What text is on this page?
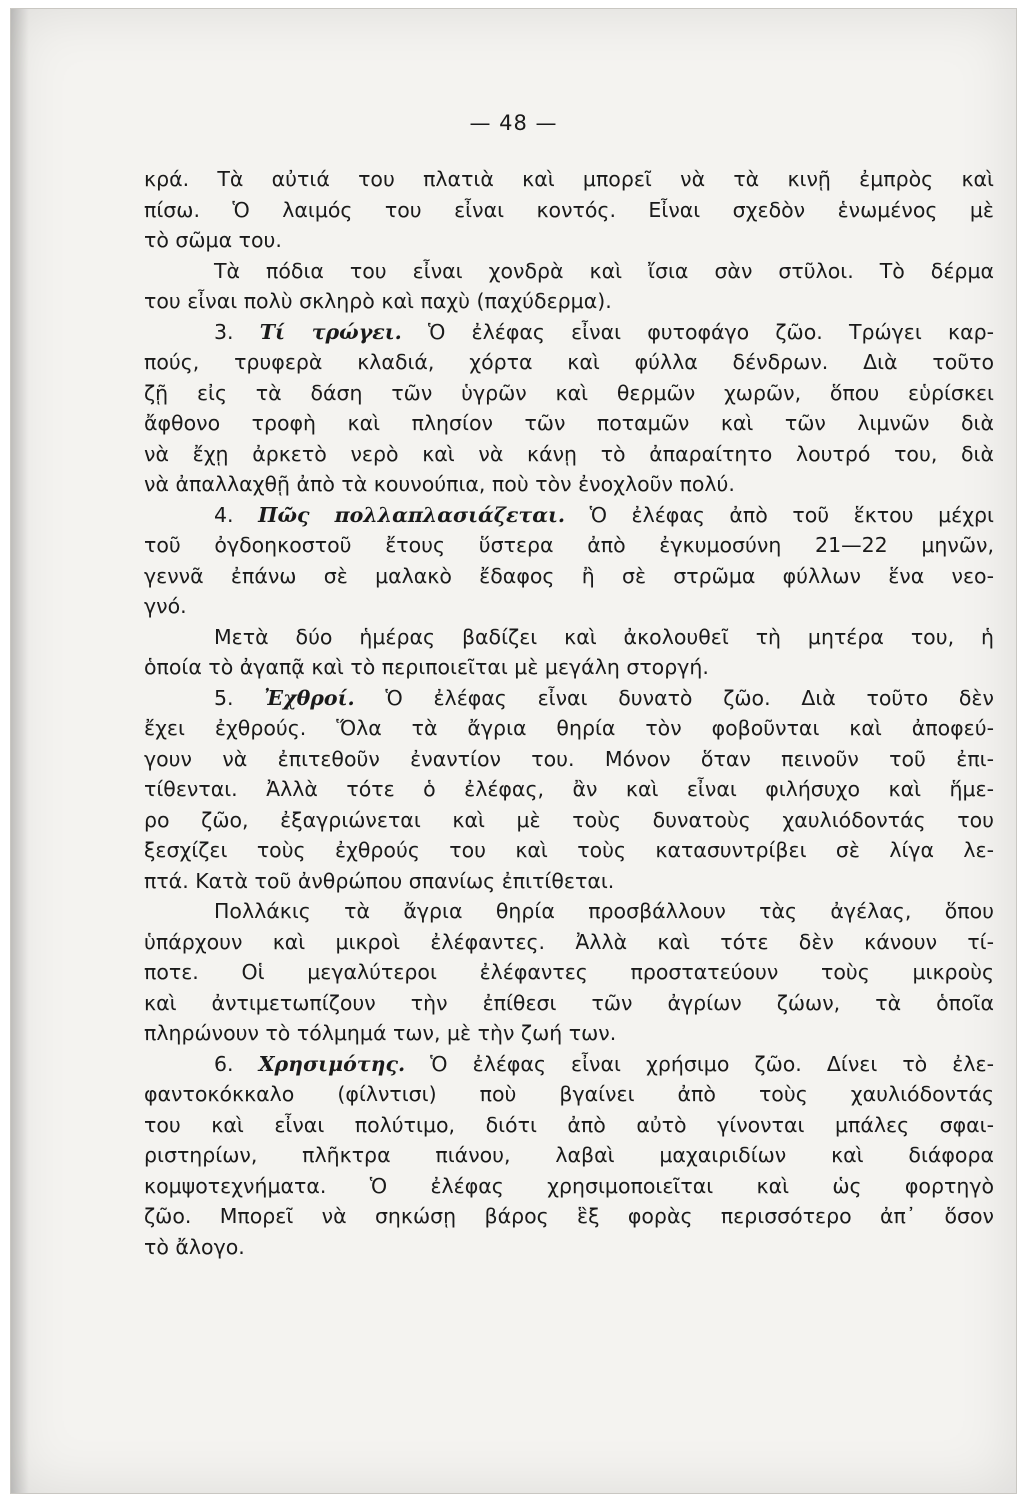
— 48 —
κρά. Τὰ αὐτιά του πλατιὰ καὶ μπορεῖ νὰ τὰ κινῇ ἐμπρὸς καὶ
πίσω. Ὁ λαιμός του εἶναι κοντός. Εἶναι σχεδὸν ἑνωμένος μὲ
τὸ σῶμα του.
Τὰ πόδια του εἶναι χονδρὰ καὶ ἴσια σὰν στῦλοι. Τὸ δέρμα
του εἶναι πολὺ σκληρὸ καὶ παχὺ (παχύδερμα).
3. Τί τρώγει. Ὁ ἐλέφας εἶναι φυτοφάγο ζῶο. Τρώγει καρ-
πούς, τρυφερὰ κλαδιά, χόρτα καὶ φύλλα δένδρων. Διὰ τοῦτο
ζῇ εἰς τὰ δάση τῶν ὑγρῶν καὶ θερμῶν χωρῶν, ὅπου εὑρίσκει
ἄφθονο τροφὴ καὶ πλησίον τῶν ποταμῶν καὶ τῶν λιμνῶν διὰ
νὰ ἔχῃ ἀρκετὸ νερὸ καὶ νὰ κάνῃ τὸ ἀπαραίτητο λουτρό του, διὰ
νὰ ἀπαλλαχθῇ ἀπὸ τὰ κουνούπια, ποὺ τὸν ἐνοχλοῦν πολύ.
4. Πῶς πολλαπλασιάζεται. Ὁ ἐλέφας ἀπὸ τοῦ ἕκτου μέχρι
τοῦ ὀγδοηκοστοῦ ἔτους ὕστερα ἀπὸ ἐγκυμοσύνη 21—22 μηνῶν,
γεννᾶ ἐπάνω σὲ μαλακὸ ἔδαφος ἢ σὲ στρῶμα φύλλων ἕνα νεο-
γνό.
Μετὰ δύο ἡμέρας βαδίζει καὶ ἀκολουθεῖ τὴ μητέρα του, ἡ
ὁποία τὸ ἀγαπᾷ καὶ τὸ περιποιεῖται μὲ μεγάλη στοργή.
5. Ἐχθροί. Ὁ ἐλέφας εἶναι δυνατὸ ζῶο. Διὰ τοῦτο δὲν
ἔχει ἐχθρούς. Ὅλα τὰ ἄγρια θηρία τὸν φοβοῦνται καὶ ἀποφεύ-
γουν νὰ ἐπιτεθοῦν ἐναντίον του. Μόνον ὅταν πεινοῦν τοῦ ἐπι-
τίθενται. Ἀλλὰ τότε ὁ ἐλέφας, ἂν καὶ εἶναι φιλήσυχο καὶ ἥμε-
ρο ζῶο, ἐξαγριώνεται καὶ μὲ τοὺς δυνατοὺς χαυλιόδοντάς του
ξεσχίζει τοὺς ἐχθρούς του καὶ τοὺς κατασυντρίβει σὲ λίγα λε-
πτά. Κατὰ τοῦ ἀνθρώπου σπανίως ἐπιτίθεται.
Πολλάκις τὰ ἄγρια θηρία προσβάλλουν τὰς ἀγέλας, ὅπου
ὑπάρχουν καὶ μικροὶ ἐλέφαντες. Ἀλλὰ καὶ τότε δὲν κάνουν τί-
ποτε. Οἱ μεγαλύτεροι ἐλέφαντες προστατεύουν τοὺς μικροὺς
καὶ ἀντιμετωπίζουν τὴν ἐπίθεσι τῶν ἀγρίων ζώων, τὰ ὁποῖα
πληρώνουν τὸ τόλμημά των, μὲ τὴν ζωή των.
6. Χρησιμότης. Ὁ ἐλέφας εἶναι χρήσιμο ζῶο. Δίνει τὸ ἐλε-
φαντοκόκκαλο (φίλντισι) ποὺ βγαίνει ἀπὸ τοὺς χαυλιόδοντάς
του καὶ εἶναι πολύτιμο, διότι ἀπὸ αὐτὸ γίνονται μπάλες σφαι-
ριστηρίων, πλῆκτρα πιάνου, λαβαὶ μαχαιριδίων καὶ διάφορα
κομψοτεχνήματα. Ὁ ἐλέφας χρησιμοποιεῖται καὶ ὡς φορτηγὸ
ζῶο. Μπορεῖ νὰ σηκώσῃ βάρος ἓξ φορὰς περισσότερο ἀπ᾽ ὅσον
τὸ ἄλογο.
